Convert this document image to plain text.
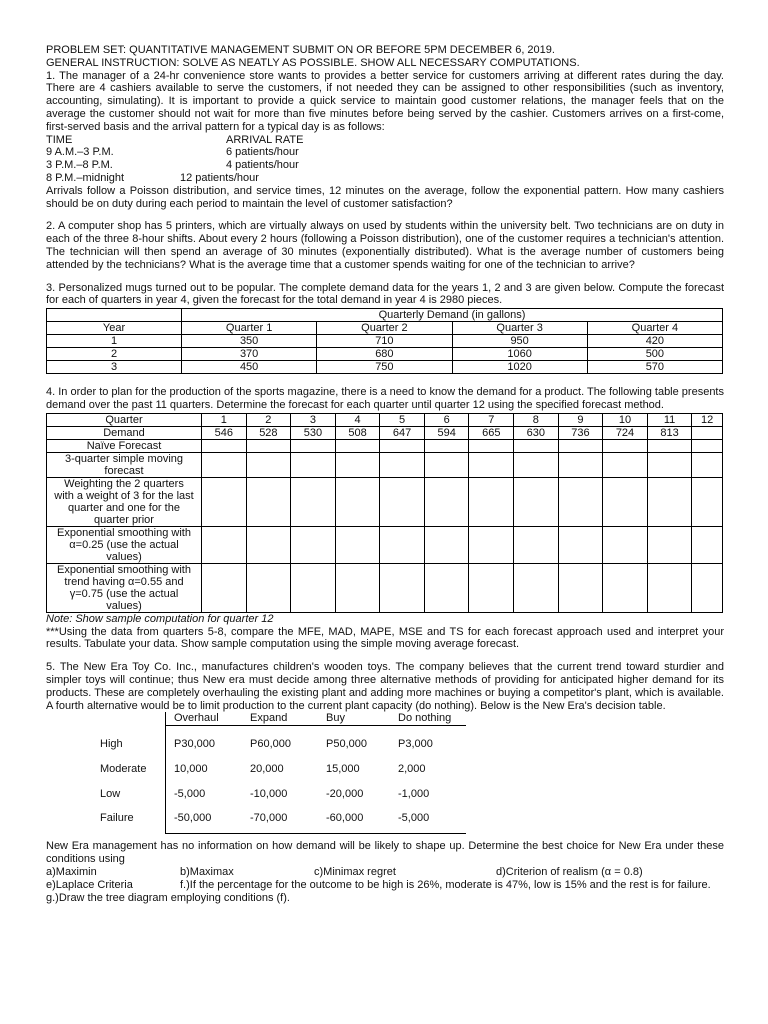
PROBLEM SET: QUANTITATIVE MANAGEMENT SUBMIT ON OR BEFORE 5PM DECEMBER 6, 2019.

GENERAL INSTRUCTION: SOLVE AS NEATLY AS POSSIBLE. SHOW ALL NECESSARY COMPUTATIONS.

1. The manager of a 24-hr convenience store wants to provides a better service for customers arriving at different rates during the day. There are 4 cashiers available to serve the customers, if not needed they can be assigned to other responsibilities (such as inventory, accounting, simulating). It is important to provide a quick service to maintain good customer relations, the manager feels that on the average the customer should not wait for more than five minutes before being served by the cashier. Customers arrives on a first-come, first-served basis and the arrival pattern for a typical day is as follows:

TIME	ARRIVAL RATE
9 A.M.–3 P.M.	6 patients/hour
3 P.M.–8 P.M.	4 patients/hour
8 P.M.–midnight	12 patients/hour

Arrivals follow a Poisson distribution, and service times, 12 minutes on the average, follow the exponential pattern. How many cashiers should be on duty during each period to maintain the level of customer satisfaction?

2. A computer shop has 5 printers, which are virtually always on used by students within the university belt. Two technicians are on duty in each of the three 8-hour shifts. About every 2 hours (following a Poisson distribution), one of the customer requires a technician's attention. The technician will then spend an average of 30 minutes (exponentially distributed). What is the average number of customers being attended by the technicians? What is the average time that a customer spends waiting for one of the technician to arrive?

3. Personalized mugs turned out to be popular. The complete demand data for the years 1, 2 and 3 are given below. Compute the forecast for each of quarters in year 4, given the forecast for the total demand in year 4 is 2980 pieces.

	Quarterly Demand (in gallons)			
Year	Quarter 1	Quarter 2	Quarter 3	Quarter 4
1	350	710	950	420
2	370	680	1060	500
3	450	750	1020	570

4. In order to plan for the production of the sports magazine, there is a need to know the demand for a product. The following table presents demand over the past 11 quarters. Determine the forecast for each quarter until quarter 12 using the specified forecast method.

Quarter	1	2	3	4	5	6	7	8	9	10	11	12
Demand	546	528	530	508	647	594	665	630	736	724	813	
Naïve Forecast												
3-quarter simple moving forecast												
Weighting the 2 quarters with a weight of 3 for the last quarter and one for the quarter prior												
Exponential smoothing with α=0.25 (use the actual values)												
Exponential smoothing with trend having α=0.55 and γ=0.75 (use the actual values)												

Note: Show sample computation for quarter 12

***Using the data from quarters 5-8, compare the MFE, MAD, MAPE, MSE and TS for each forecast approach used and interpret your results. Tabulate your data. Show sample computation using the simple moving average forecast.

5. The New Era Toy Co. Inc., manufactures children's wooden toys. The company believes that the current trend toward sturdier and simpler toys will continue; thus New era must decide among three alternative methods of providing for anticipated higher demand for its products. These are completely overhauling the existing plant and adding more machines or buying a competitor's plant, which is available. A fourth alternative would be to limit production to the current plant capacity (do nothing). Below is the New Era's decision table.

Overhaul	Expand	Buy	Do nothing
High	P30,000	P60,000	P50,000	P3,000
Moderate	10,000	20,000	15,000	2,000
Low	-5,000	-10,000	-20,000	-1,000
Failure	-50,000	-70,000	-60,000	-5,000

New Era management has no information on how demand will be likely to shape up. Determine the best choice for New Era under these conditions using

a)Maximin	b)Maximax	c)Minimax regret	d)Criterion of realism (α = 0.8)
e)Laplace Criteria	f.)If the percentage for the outcome to be high is 26%, moderate is 47%, low is 15% and the rest is for failure.
g.)Draw the tree diagram employing conditions (f).
